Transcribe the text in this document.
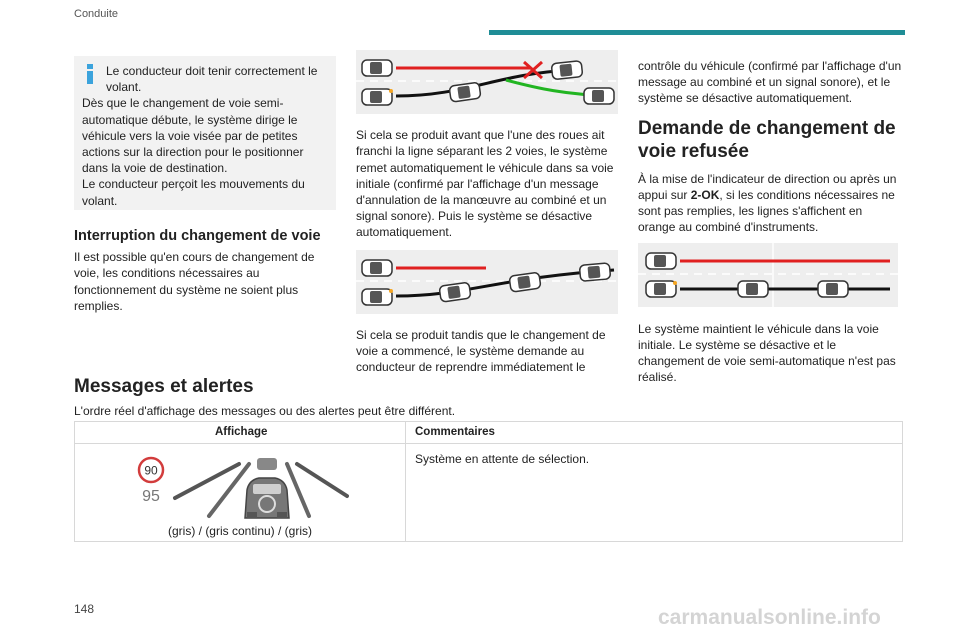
Conduite
Le conducteur doit tenir correctement le volant.
Dès que le changement de voie semi-automatique débute, le système dirige le véhicule vers la voie visée par de petites actions sur la direction pour le positionner dans la voie de destination.
Le conducteur perçoit les mouvements du volant.
Interruption du changement de voie
Il est possible qu'en cours de changement de voie, les conditions nécessaires au fonctionnement du système ne soient plus remplies.
Si cela se produit avant que l'une des roues ait franchi la ligne séparant les 2 voies, le système remet automatiquement le véhicule dans sa voie initiale (confirmé par l'affichage d'un message d'annulation de la manœuvre au combiné et un signal sonore). Puis le système se désactive automatiquement.
Si cela se produit tandis que le changement de voie a commencé, le système demande au conducteur de reprendre immédiatement le
contrôle du véhicule (confirmé par l'affichage d'un message au combiné et un signal sonore), et le système se désactive automatiquement.
Demande de changement de voie refusée
À la mise de l'indicateur de direction ou après un appui sur 2-OK, si les conditions nécessaires ne sont pas remplies, les lignes s'affichent en orange au combiné d'instruments.
Le système maintient le véhicule dans la voie initiale. Le système se désactive et le changement de voie semi-automatique n'est pas réalisé.
Messages et alertes
L'ordre réel d'affichage des messages ou des alertes peut être différent.
Affichage	Commentaires
90
95
(gris) / (gris continu) / (gris)
Système en attente de sélection.
148	carmanualsonline.info
